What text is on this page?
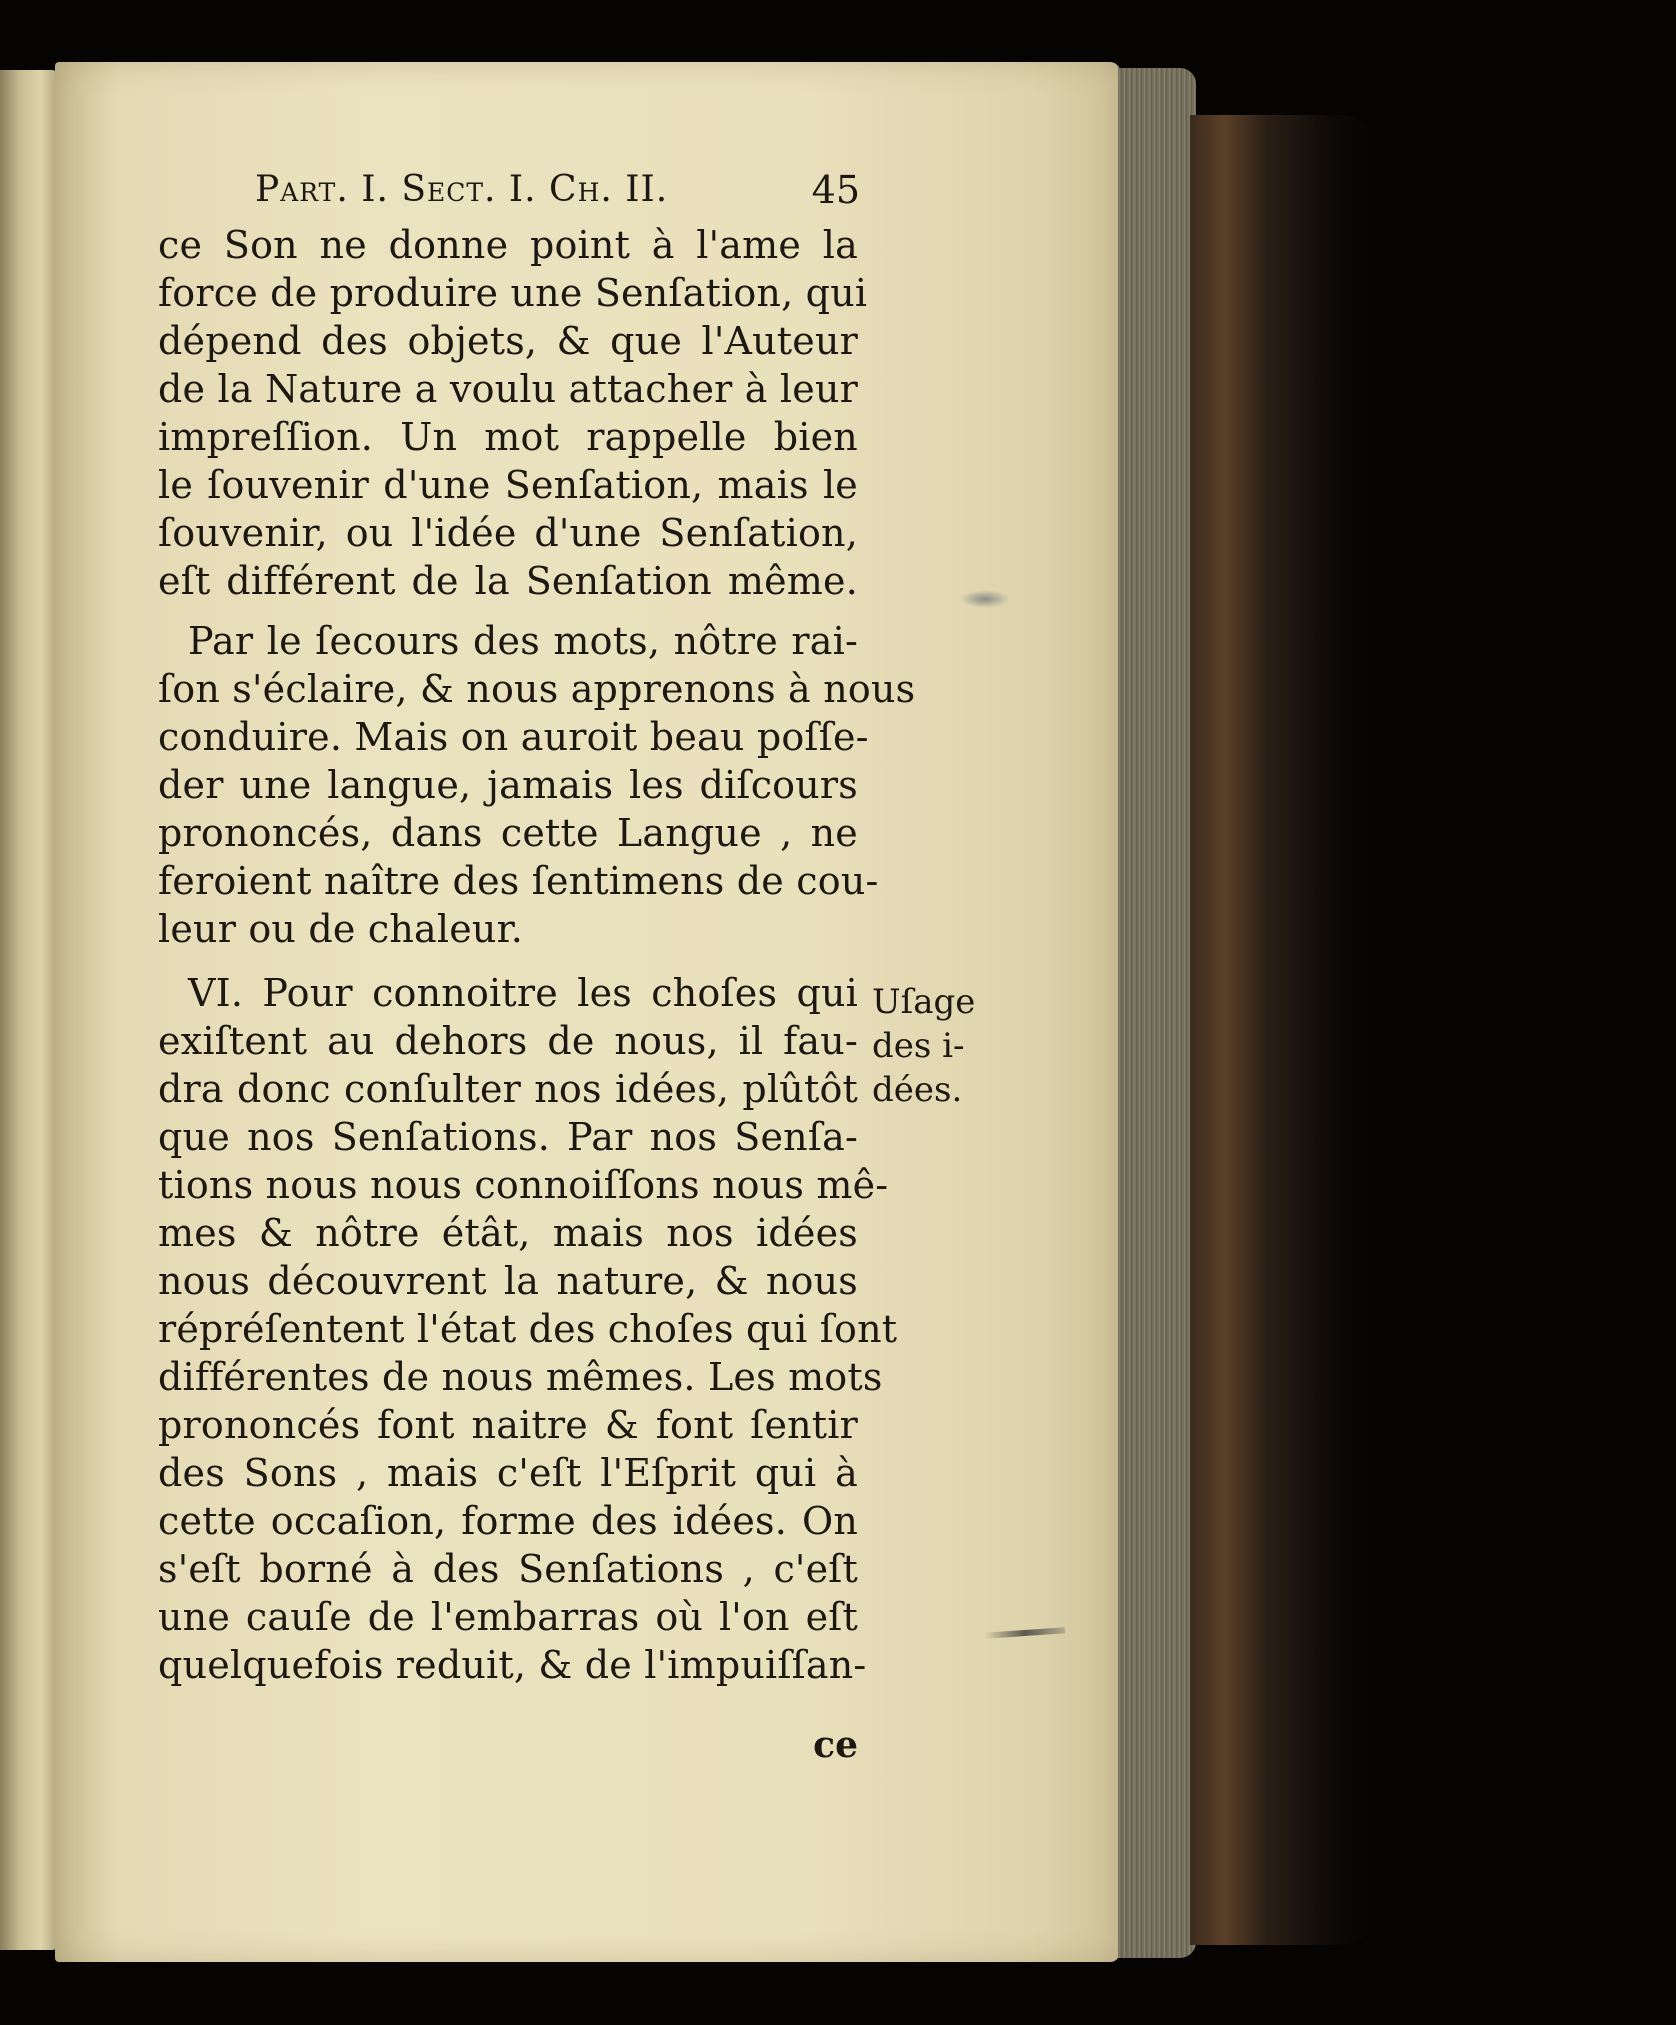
Part. I. Sect. I. Ch. II.	45
ce Son ne donne point à l'ame la
force de produire une Senſation, qui
dépend des objets, & que l'Auteur
de la Nature a voulu attacher à leur
impreſſion. Un mot rappelle bien
le ſouvenir d'une Senſation, mais le
ſouvenir, ou l'idée d'une Senſation,
eſt différent de la Senſation même.
Par le ſecours des mots, nôtre rai-
ſon s'éclaire, & nous apprenons à nous
conduire. Mais on auroit beau poſſe-
der une langue, jamais les diſcours
prononcés, dans cette Langue , ne
feroient naître des ſentimens de cou-
leur ou de chaleur.
VI. Pour connoitre les choſes qui
exiſtent au dehors de nous, il fau-
dra donc conſulter nos idées, plûtôt
que nos Senſations. Par nos Senſa-
tions nous nous connoiſſons nous mê-
mes & nôtre étât, mais nos idées
nous découvrent la nature, & nous
répréſentent l'état des choſes qui ſont
différentes de nous mêmes. Les mots
prononcés font naitre & font ſentir
des Sons , mais c'eſt l'Eſprit qui à
cette occaſion, forme des idées. On
s'eſt borné à des Senſations , c'eſt
une cauſe de l'embarras où l'on eſt
quelquefois reduit, & de l'impuiſſan-
ce
Uſage
des i-
dées.
